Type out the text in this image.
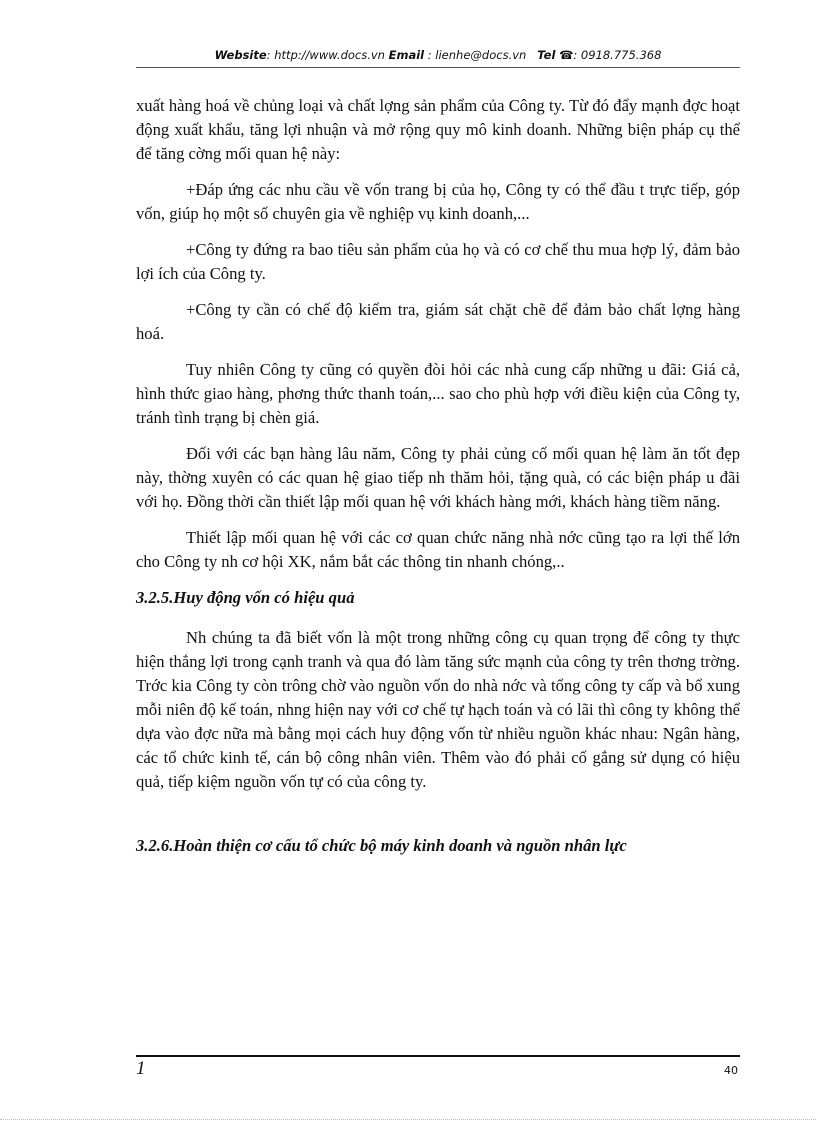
Website: http://www.docs.vn Email : lienhe@docs.vn Tel ☎: 0918.775.368

xuất hàng hoá về chủng loại và chất lợng sản phẩm của Công ty. Từ đó đẩy mạnh đợc hoạt động xuất khẩu, tăng lợi nhuận và mở rộng quy mô kinh doanh. Những biện pháp cụ thể để tăng cờng mối quan hệ này:

+Đáp ứng các nhu cầu về vốn trang bị của họ, Công ty có thể đầu t trực tiếp, góp vốn, giúp họ một số chuyên gia về nghiệp vụ kinh doanh,...

+Công ty đứng ra bao tiêu sản phẩm của họ và có cơ chế thu mua hợp lý, đảm bảo lợi ích của Công ty.

+Công ty cần có chế độ kiểm tra, giám sát chặt chẽ để đảm bảo chất lợng hàng hoá.

Tuy nhiên Công ty cũng có quyền đòi hỏi các nhà cung cấp những u đãi: Giá cả, hình thức giao hàng, phơng thức thanh toán,... sao cho phù hợp với điều kiện của Công ty, tránh tình trạng bị chèn giá.

Đối với các bạn hàng lâu năm, Công ty phải củng cố mối quan hệ làm ăn tốt đẹp này, thờng xuyên có các quan hệ giao tiếp nh thăm hỏi, tặng quà, có các biện pháp u đãi với họ. Đồng thời cần thiết lập mối quan hệ với khách hàng mới, khách hàng tiềm năng.

Thiết lập mối quan hệ với các cơ quan chức năng nhà nớc cũng tạo ra lợi thế lớn cho Công ty nh cơ hội XK, nắm bắt các thông tin nhanh chóng,..

3.2.5.Huy động vốn có hiệu quả

Nh chúng ta đã biết vốn là một trong những công cụ quan trọng để công ty thực hiện thắng lợi trong cạnh tranh và qua đó làm tăng sức mạnh của công ty trên thơng trờng. Trớc kia Công ty còn trông chờ vào nguồn vốn do nhà nớc và tổng công ty cấp và bổ xung mỗi niên độ kế toán, nhng hiện nay với cơ chế tự hạch toán và có lãi thì công ty không thể dựa vào đợc nữa mà bằng mọi cách huy động vốn từ nhiều nguồn khác nhau: Ngân hàng, các tổ chức kinh tế, cán bộ công nhân viên. Thêm vào đó phải cố gắng sử dụng có hiệu quả, tiếp kiệm nguồn vốn tự có của công ty.

3.2.6.Hoàn thiện cơ cấu tổ chức bộ máy kinh doanh và nguồn nhân lực
1	40
